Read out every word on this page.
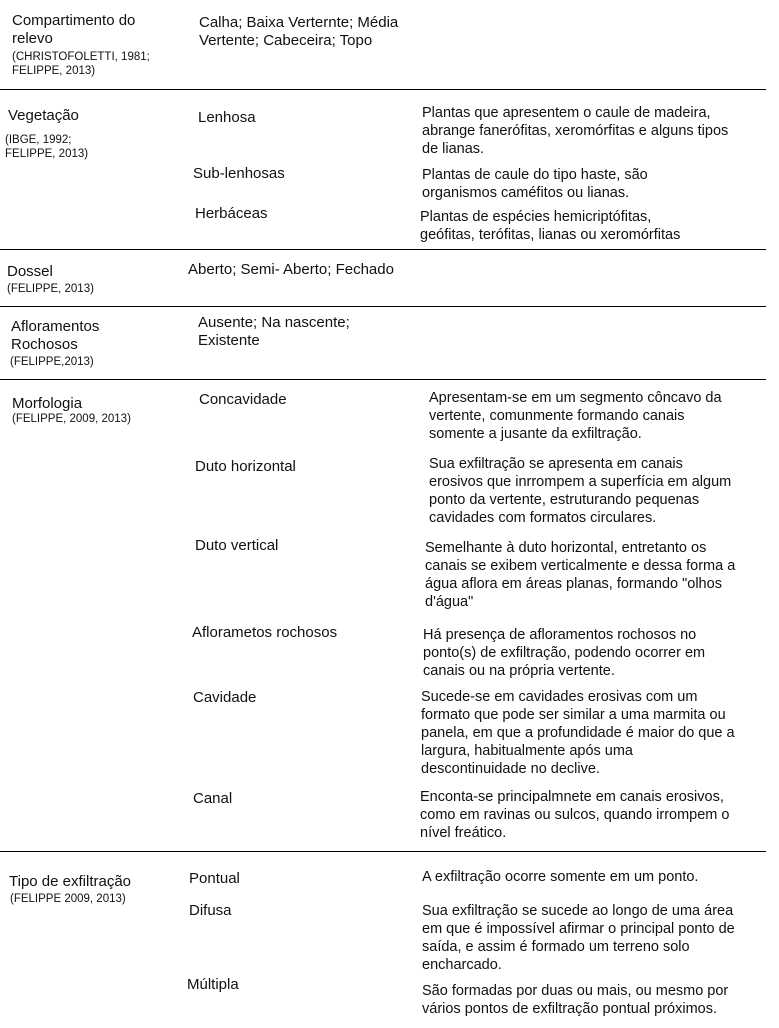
Compartimento do
relevo
(CHRISTOFOLETTI, 1981;
FELIPPE, 2013)
Calha; Baixa Verternte; Média
Vertente; Cabeceira; Topo
Vegetação
(IBGE, 1992;
FELIPPE, 2013)
Lenhosa	Plantas que apresentem o caule de madeira,
abrange fanerófitas, xeromórfitas e alguns tipos
de lianas.
Sub-lenhosas	Plantas de caule do tipo haste, são
organismos caméfitos ou lianas.
Herbáceas	Plantas de espécies hemicriptófitas,
geófitas, terófitas, lianas ou xeromórfitas
Dossel
(FELIPPE, 2013)
Aberto; Semi- Aberto; Fechado
Afloramentos
Rochosos
(FELIPPE,2013)
Ausente; Na nascente;
Existente
Morfologia
(FELIPPE, 2009, 2013)
Concavidade	Apresentam-se em um segmento côncavo da
vertente, comunmente formando canais
somente a jusante da exfiltração.
Duto horizontal	Sua exfiltração se apresenta em canais
erosivos que inrrompem a superfícia em algum
ponto da vertente, estruturando pequenas
cavidades com formatos circulares.
Duto vertical	Semelhante à duto horizontal, entretanto os
canais se exibem verticalmente e dessa forma a
água aflora em áreas planas, formando "olhos
d'água"
Aflorametos rochosos	Há presença de afloramentos rochosos no
ponto(s) de exfiltração, podendo ocorrer em
canais ou na própria vertente.
Cavidade	Sucede-se em cavidades erosivas com um
formato que pode ser similar a uma marmita ou
panela, em que a profundidade é maior do que a
largura, habitualmente após uma
descontinuidade no declive.
Canal	Enconta-se principalmnete em canais erosivos,
como em ravinas ou sulcos, quando irrompem o
nível freático.
Tipo de exfiltração
(FELIPPE 2009, 2013)
Pontual	A exfiltração ocorre somente em um ponto.
Difusa	Sua exfiltração se sucede ao longo de uma área
em que é impossível afirmar o principal ponto de
saída, e assim é formado um terreno solo
encharcado.
Múltipla	São formadas por duas ou mais, ou mesmo por
vários pontos de exfiltração pontual próximos.
